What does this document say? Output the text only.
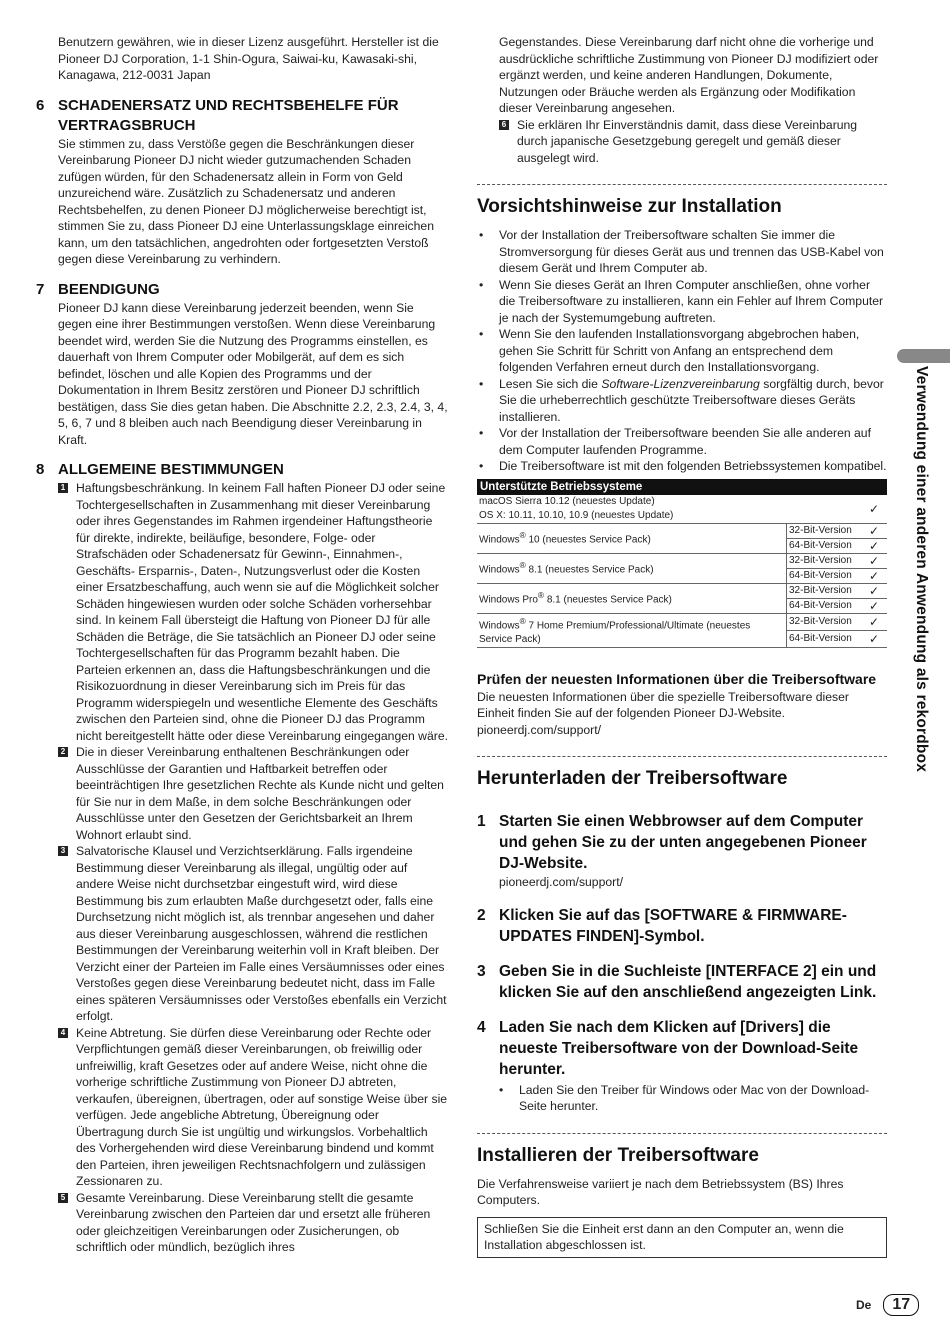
Benutzern gewähren, wie in dieser Lizenz ausgeführt. Hersteller ist die Pioneer DJ Corporation, 1-1 Shin-Ogura, Saiwai-ku, Kawasaki-shi, Kanagawa, 212-0031 Japan

6 SCHADENERSATZ UND RECHTSBEHELFE FÜR VERTRAGSBRUCH

Sie stimmen zu, dass Verstöße gegen die Beschränkungen dieser Vereinbarung Pioneer DJ nicht wieder gutzumachenden Schaden zufügen würden, für den Schadenersatz allein in Form von Geld unzureichend wäre. Zusätzlich zu Schadenersatz und anderen Rechtsbehelfen, zu denen Pioneer DJ möglicherweise berechtigt ist, stimmen Sie zu, dass Pioneer DJ eine Unterlassungsklage einreichen kann, um den tatsächlichen, angedrohten oder fortgesetzten Verstoß gegen diese Vereinbarung zu verhindern.

7 BEENDIGUNG

Pioneer DJ kann diese Vereinbarung jederzeit beenden, wenn Sie gegen eine ihrer Bestimmungen verstoßen. Wenn diese Vereinbarung beendet wird, werden Sie die Nutzung des Programms einstellen, es dauerhaft von Ihrem Computer oder Mobilgerät, auf dem es sich befindet, löschen und alle Kopien des Programms und der Dokumentation in Ihrem Besitz zerstören und Pioneer DJ schriftlich bestätigen, dass Sie dies getan haben. Die Abschnitte 2.2, 2.3, 2.4, 3, 4, 5, 6, 7 und 8 bleiben auch nach Beendigung dieser Vereinbarung in Kraft.

8 ALLGEMEINE BESTIMMUNGEN
1 Haftungsbeschränkung. In keinem Fall haften Pioneer DJ oder seine Tochtergesellschaften in Zusammenhang mit dieser Vereinbarung oder ihres Gegenstandes im Rahmen irgendeiner Haftungstheorie für direkte, indirekte, beiläufige, besondere, Folge- oder Strafschäden oder Schadenersatz für Gewinn-, Einnahmen-, Geschäfts- Ersparnis-, Daten-, Nutzungsverlust oder die Kosten einer Ersatzbeschaffung, auch wenn sie auf die Möglichkeit solcher Schäden hingewiesen wurden oder solche Schäden vorhersehbar sind. In keinem Fall übersteigt die Haftung von Pioneer DJ für alle Schäden die Beträge, die Sie tatsächlich an Pioneer DJ oder seine Tochtergesellschaften für das Programm bezahlt haben. Die Parteien erkennen an, dass die Haftungsbeschränkungen und die Risikozuordnung in dieser Vereinbarung sich im Preis für das Programm widerspiegeln und wesentliche Elemente des Geschäfts zwischen den Parteien sind, ohne die Pioneer DJ das Programm nicht bereitgestellt hätte oder diese Vereinbarung eingegangen wäre.
2 Die in dieser Vereinbarung enthaltenen Beschränkungen oder Ausschlüsse der Garantien und Haftbarkeit betreffen oder beeinträchtigen Ihre gesetzlichen Rechte als Kunde nicht und gelten für Sie nur in dem Maße, in dem solche Beschränkungen oder Ausschlüsse unter den Gesetzen der Gerichtsbarkeit an Ihrem Wohnort erlaubt sind.
3 Salvatorische Klausel und Verzichtserklärung. Falls irgendeine Bestimmung dieser Vereinbarung als illegal, ungültig oder auf andere Weise nicht durchsetzbar eingestuft wird, wird diese Bestimmung bis zum erlaubten Maße durchgesetzt oder, falls eine Durchsetzung nicht möglich ist, als trennbar angesehen und daher aus dieser Vereinbarung ausgeschlossen, während die restlichen Bestimmungen der Vereinbarung weiterhin voll in Kraft bleiben. Der Verzicht einer der Parteien im Falle eines Versäumnisses oder eines Verstoßes gegen diese Vereinbarung bedeutet nicht, dass im Falle eines späteren Versäumnisses oder Verstoßes ebenfalls ein Verzicht erfolgt.
4 Keine Abtretung. Sie dürfen diese Vereinbarung oder Rechte oder Verpflichtungen gemäß dieser Vereinbarungen, ob freiwillig oder unfreiwillig, kraft Gesetzes oder auf andere Weise, nicht ohne die vorherige schriftliche Zustimmung von Pioneer DJ abtreten, verkaufen, übereignen, übertragen, oder auf sonstige Weise über sie verfügen. Jede angebliche Abtretung, Übereignung oder Übertragung durch Sie ist ungültig und wirkungslos. Vorbehaltlich des Vorhergehenden wird diese Vereinbarung bindend und kommt den Parteien, ihren jeweiligen Rechtsnachfolgern und zulässigen Zessionaren zu.
5 Gesamte Vereinbarung. Diese Vereinbarung stellt die gesamte Vereinbarung zwischen den Parteien dar und ersetzt alle früheren oder gleichzeitigen Vereinbarungen oder Zusicherungen, ob schriftlich oder mündlich, bezüglich ihres

Gegenstandes. Diese Vereinbarung darf nicht ohne die vorherige und ausdrückliche schriftliche Zustimmung von Pioneer DJ modifiziert oder ergänzt werden, und keine anderen Handlungen, Dokumente, Nutzungen oder Bräuche werden als Ergänzung oder Modifikation dieser Vereinbarung angesehen.

6 Sie erklären Ihr Einverständnis damit, dass diese Vereinbarung durch japanische Gesetzgebung geregelt und gemäß dieser ausgelegt wird.
Vorsichtshinweise zur Installation
•	Vor der Installation der Treibersoftware schalten Sie immer die Stromversorgung für dieses Gerät aus und trennen das USB-Kabel von diesem Gerät und Ihrem Computer ab.
•	Wenn Sie dieses Gerät an Ihren Computer anschließen, ohne vorher die Treibersoftware zu installieren, kann ein Fehler auf Ihrem Computer je nach der Systemumgebung auftreten.
•	Wenn Sie den laufenden Installationsvorgang abgebrochen haben, gehen Sie Schritt für Schritt von Anfang an entsprechend dem folgenden Verfahren erneut durch den Installationsvorgang.
•	Lesen Sie sich die Software-Lizenzvereinbarung sorgfältig durch, bevor Sie die urheberrechtlich geschützte Treibersoftware dieses Geräts installieren.
•	Vor der Installation der Treibersoftware beenden Sie alle anderen auf dem Computer laufenden Programme.
•	Die Treibersoftware ist mit den folgenden Betriebssystemen kompatibel.
Unterstützte Betriebssysteme		
macOS Sierra 10.12 (neuestes Update)
OS X: 10.11, 10.10, 10.9 (neuestes Update)		✓
Windows® 10 (neuestes Service Pack)	32-Bit-Version	✓
	64-Bit-Version	✓
Windows® 8.1 (neuestes Service Pack)	32-Bit-Version	✓
	64-Bit-Version	✓
Windows Pro® 8.1 (neuestes Service Pack)	32-Bit-Version	✓
	64-Bit-Version	✓
Windows® 7 Home Premium/Professional/Ultimate (neuestes Service Pack)	32-Bit-Version	✓
	64-Bit-Version	✓
Prüfen der neuesten Informationen über die Treibersoftware

Die neuesten Informationen über die spezielle Treibersoftware dieser Einheit finden Sie auf der folgenden Pioneer DJ-Website.

pioneerdj.com/support/

Herunterladen der Treibersoftware
1 Starten Sie einen Webbrowser auf dem Computer und gehen Sie zu der unten angegebenen Pioneer DJ-Website.
pioneerdj.com/support/
2 Klicken Sie auf das [SOFTWARE & FIRMWARE-UPDATES FINDEN]-Symbol.
3 Geben Sie in die Suchleiste [INTERFACE 2] ein und klicken Sie auf den anschließend angezeigten Link.
4 Laden Sie nach dem Klicken auf [Drivers] die neueste Treibersoftware von der Download-Seite herunter.
•	Laden Sie den Treiber für Windows oder Mac von der Download-Seite herunter.
Installieren der Treibersoftware

Die Verfahrensweise variiert je nach dem Betriebssystem (BS) Ihres Computers.

Schließen Sie die Einheit erst dann an den Computer an, wenn die Installation abgeschlossen ist.
Verwendung einer anderen Anwendung als rekordbox
De	17
